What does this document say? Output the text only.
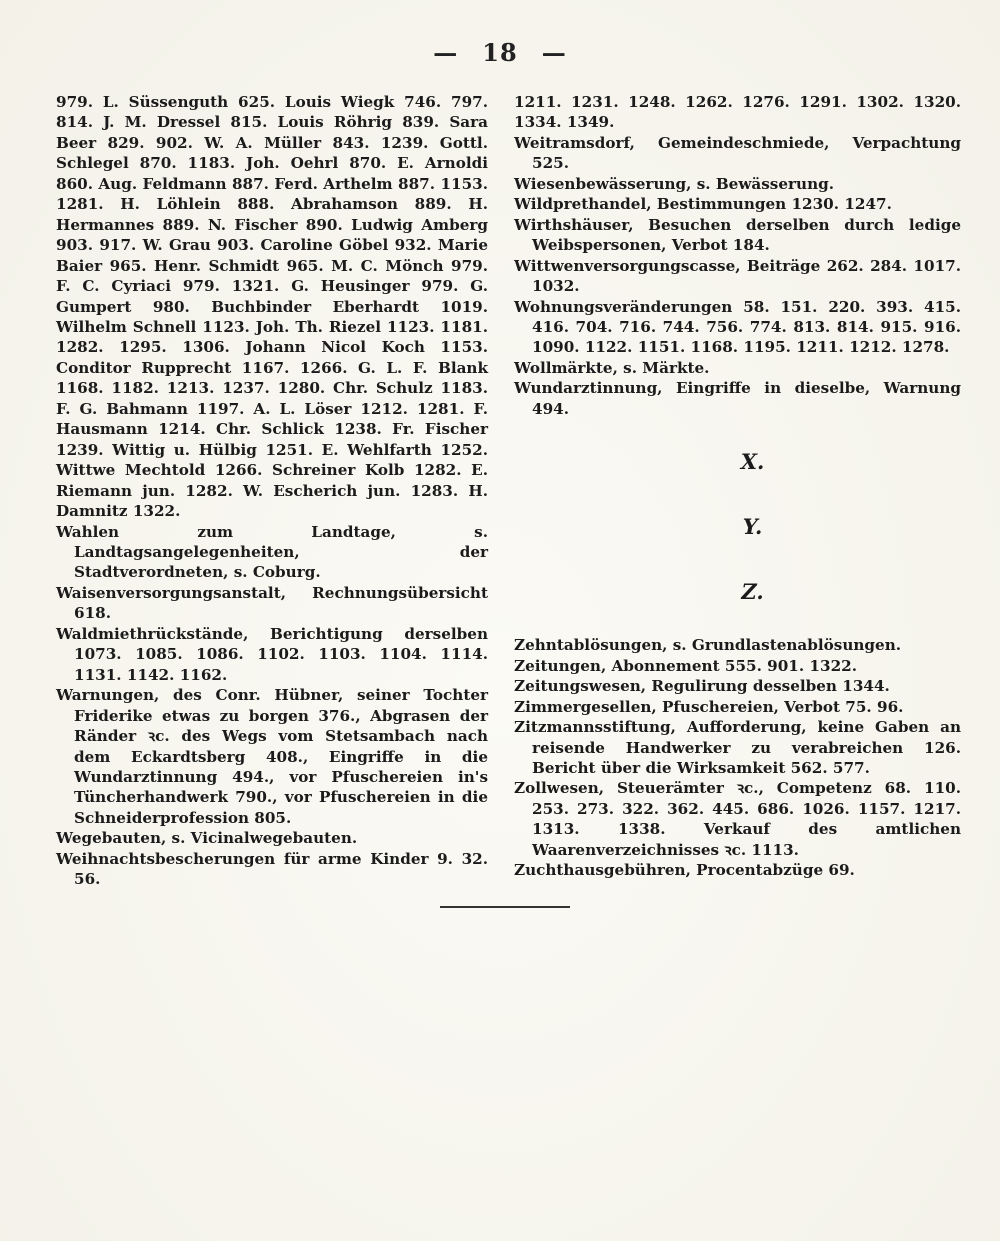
— 18 —

979. L. Süssenguth 625. Louis Wiegk 746. 797. 814. J. M. Dressel 815. Louis Röhrig 839. Sara Beer 829. 902. W. A. Müller 843. 1239. Gottl. Schlegel 870. 1183. Joh. Oehrl 870. E. Arnoldi 860. Aug. Feldmann 887. Ferd. Arthelm 887. 1153. 1281. H. Löhlein 888. Abrahamson 889. H. Hermannes 889. N. Fischer 890. Ludwig Amberg 903. 917. W. Grau 903. Caroline Göbel 932. Marie Baier 965. Henr. Schmidt 965. M. C. Mönch 979. F. C. Cyriaci 979. 1321. G. Heusinger 979. G. Gumpert 980. Buchbinder Eberhardt 1019. Wilhelm Schnell 1123. Joh. Th. Riezel 1123. 1181. 1282. 1295. 1306. Johann Nicol Koch 1153. Conditor Rupprecht 1167. 1266. G. L. F. Blank 1168. 1182. 1213. 1237. 1280. Chr. Schulz 1183. F. G. Bahmann 1197. A. L. Löser 1212. 1281. F. Hausmann 1214. Chr. Schlick 1238. Fr. Fischer 1239. Wittig u. Hülbig 1251. E. Wehlfarth 1252. Wittwe Mechtold 1266. Schreiner Kolb 1282. E. Riemann jun. 1282. W. Escherich jun. 1283. H. Damnitz 1322.

Wahlen zum Landtage, s. Landtagsangelegenheiten, der Stadtverordneten, s. Coburg.

Waisenversorgungsanstalt, Rechnungsübersicht 618.

Waldmiethrückstände, Berichtigung derselben 1073. 1085. 1086. 1102. 1103. 1104. 1114. 1131. 1142. 1162.

Warnungen, des Conr. Hübner, seiner Tochter Friderike etwas zu borgen 376., Abgrasen der Ränder ꝛc. des Wegs vom Stetsambach nach dem Eckardtsberg 408., Eingriffe in die Wundarztinnung 494., vor Pfuschereien in's Tüncherhandwerk 790., vor Pfuschereien in die Schneiderprofession 805.

Wegebauten, s. Vicinalwegebauten.

Weihnachtsbescherungen für arme Kinder 9. 32. 56.

1211. 1231. 1248. 1262. 1276. 1291. 1302. 1320. 1334. 1349.

Weitramsdorf, Gemeindeschmiede, Verpachtung 525.

Wiesenbewässerung, s. Bewässerung.

Wildprethandel, Bestimmungen 1230. 1247.

Wirthshäuser, Besuchen derselben durch ledige Weibspersonen, Verbot 184.

Wittwenversorgungscasse, Beiträge 262. 284. 1017. 1032.

Wohnungsveränderungen 58. 151. 220. 393. 415. 416. 704. 716. 744. 756. 774. 813. 814. 915. 916. 1090. 1122. 1151. 1168. 1195. 1211. 1212. 1278.

Wollmärkte, s. Märkte.

Wundarztinnung, Eingriffe in dieselbe, Warnung 494.

X.

Y.

Z.

Zehntablösungen, s. Grundlastenablösungen.

Zeitungen, Abonnement 555. 901. 1322.

Zeitungswesen, Regulirung desselben 1344.

Zimmergesellen, Pfuschereien, Verbot 75. 96.

Zitzmannsstiftung, Aufforderung, keine Gaben an reisende Handwerker zu verabreichen 126. Bericht über die Wirksamkeit 562. 577.

Zollwesen, Steuerämter ꝛc., Competenz 68. 110. 253. 273. 322. 362. 445. 686. 1026. 1157. 1217. 1313. 1338. Verkauf des amtlichen Waarenverzeichnisses ꝛc. 1113.

Zuchthausgebühren, Procentabzüge 69.
